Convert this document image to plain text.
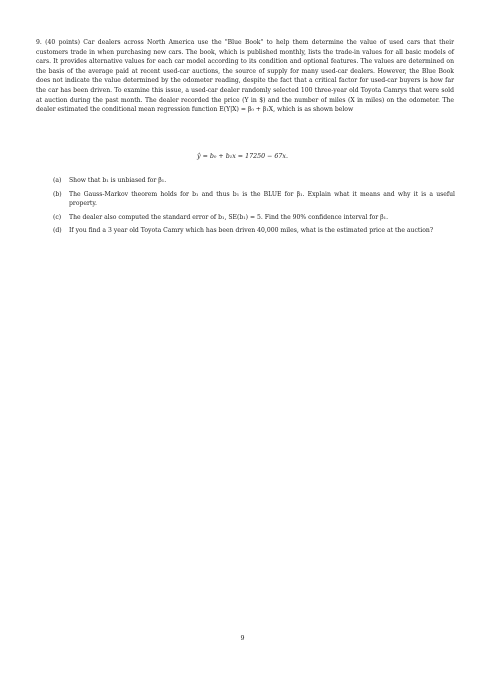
9. (40 points) Car dealers across North America use the "Blue Book" to help them determine the value of used cars that their customers trade in when purchasing new cars. The book, which is published monthly, lists the trade-in values for all basic models of cars. It provides alternative values for each car model according to its condition and optional features. The values are determined on the basis of the average paid at recent used-car auctions, the source of supply for many used-car dealers. However, the Blue Book does not indicate the value determined by the odometer reading, despite the fact that a critical factor for used-car buyers is how far the car has been driven. To examine this issue, a used-car dealer randomly selected 100 three-year old Toyota Camrys that were sold at auction during the past month. The dealer recorded the price (Y in $) and the number of miles (X in miles) on the odometer. The dealer estimated the conditional mean regression function E(Y|X) = β₀ + β₁X, which is as shown below
ŷ = b₀ + b₁x = 17250 − 67x.
(a) Show that b₁ is unbiased for β₁.
(b) The Gauss-Markov theorem holds for b₁ and thus b₁ is the BLUE for β₁. Explain what it means and why it is a useful property.
(c) The dealer also computed the standard error of b₁, SE(b₁) = 5. Find the 90% confidence interval for β₁.
(d) If you find a 3 year old Toyota Camry which has been driven 40,000 miles, what is the estimated price at the auction?
9
